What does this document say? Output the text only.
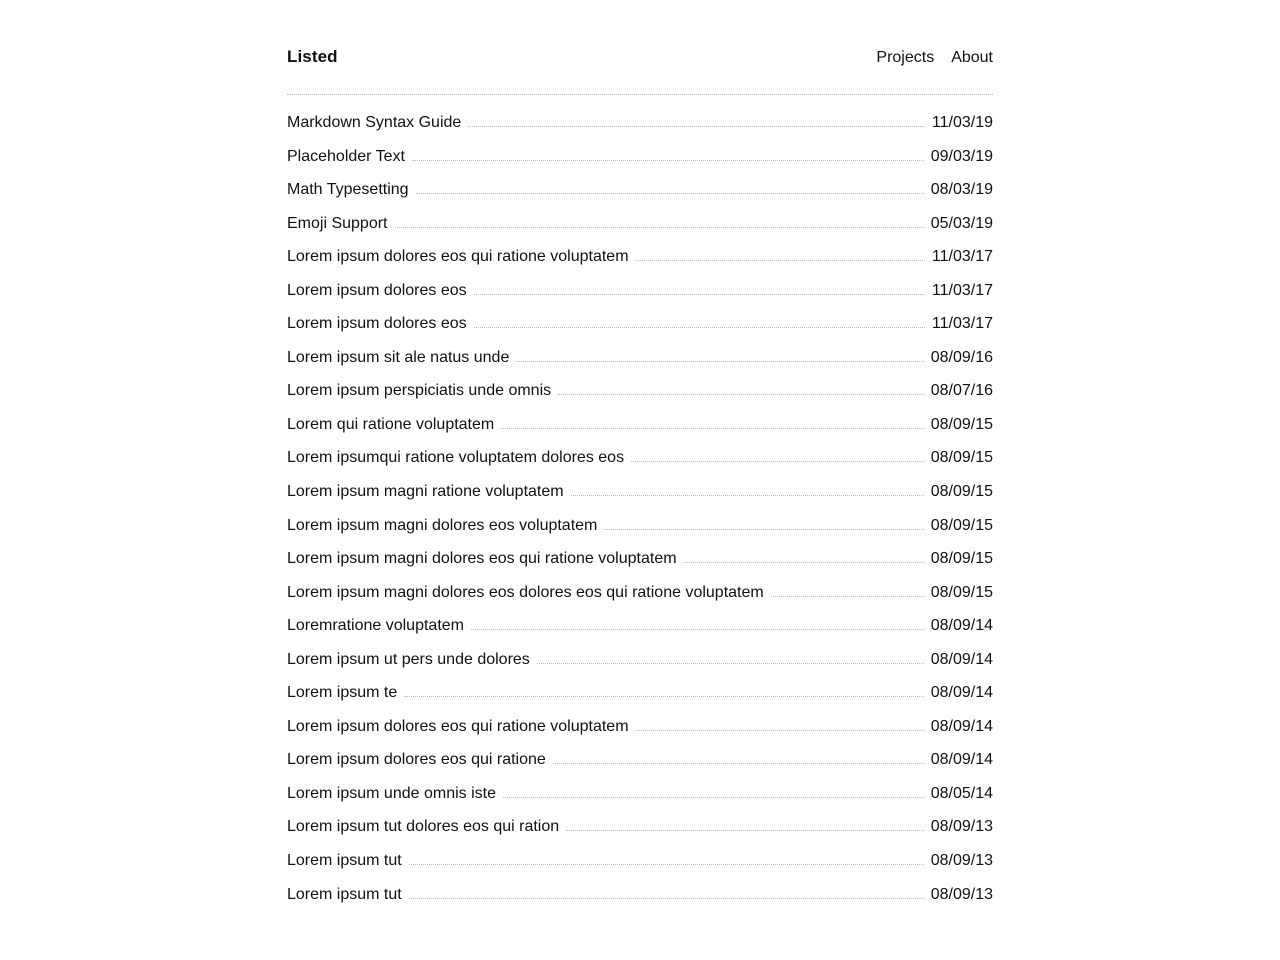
Listed	Projects About
Markdown Syntax Guide	11/03/19
Placeholder Text	09/03/19
Math Typesetting	08/03/19
Emoji Support	05/03/19
Lorem ipsum dolores eos qui ratione voluptatem	11/03/17
Lorem ipsum dolores eos	11/03/17
Lorem ipsum dolores eos	11/03/17
Lorem ipsum sit ale natus unde	08/09/16
Lorem ipsum perspiciatis unde omnis	08/07/16
Lorem qui ratione voluptatem	08/09/15
Lorem ipsumqui ratione voluptatem dolores eos	08/09/15
Lorem ipsum magni ratione voluptatem	08/09/15
Lorem ipsum magni dolores eos voluptatem	08/09/15
Lorem ipsum magni dolores eos qui ratione voluptatem	08/09/15
Lorem ipsum magni dolores eos dolores eos qui ratione voluptatem	08/09/15
Loremratione voluptatem	08/09/14
Lorem ipsum ut pers unde dolores	08/09/14
Lorem ipsum te	08/09/14
Lorem ipsum dolores eos qui ratione voluptatem	08/09/14
Lorem ipsum dolores eos qui ratione	08/09/14
Lorem ipsum unde omnis iste	08/05/14
Lorem ipsum tut dolores eos qui ration	08/09/13
Lorem ipsum tut	08/09/13
Lorem ipsum tut	08/09/13
